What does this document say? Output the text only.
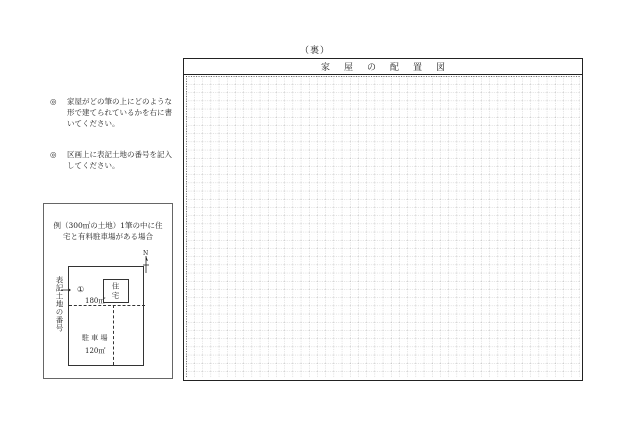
（裏）
家屋の配置図
◎ 家屋がどの筆の上にどのような形で建てられているかを右に書いてください。
◎ 区画上に表記土地の番号を記入してください。
例（300㎡の土地）1筆の中に住
宅と有料駐車場がある場合
表記土地の番号
N
①
180㎡ 住宅
駐 車 場
120㎡
